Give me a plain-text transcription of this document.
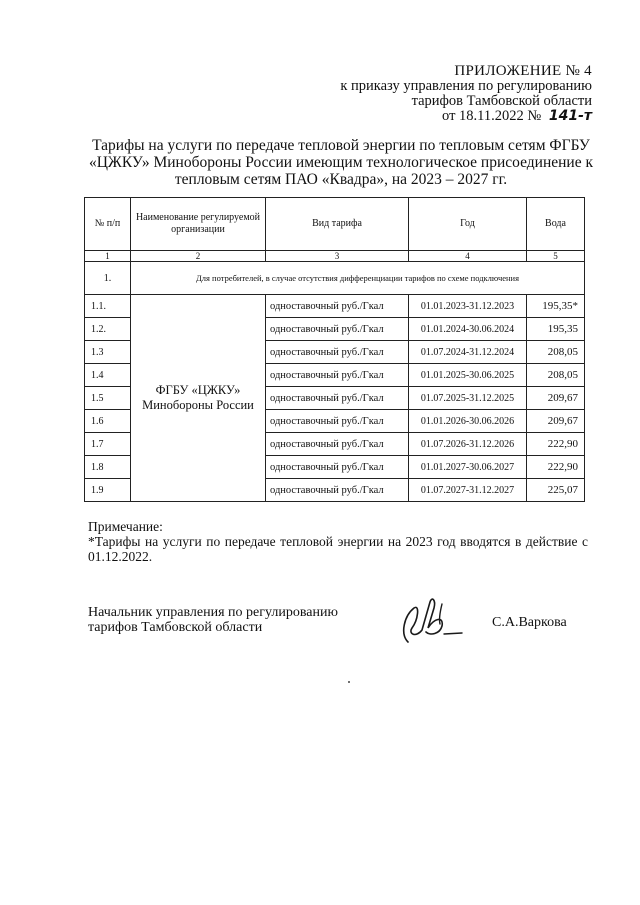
ПРИЛОЖЕНИЕ № 4
к приказу управления по регулированию
тарифов Тамбовской области
от 18.11.2022 № 141-т
Тарифы на услуги по передаче тепловой энергии по тепловым сетям ФГБУ «ЦЖКУ» Минобороны России имеющим технологическое присоединение к тепловым сетям ПАО «Квадра», на 2023 – 2027 гг.
№ п/п	Наименование регулируемой организации	Вид тарифа	Год	Вода
1	2	3	4	5
1.	Для потребителей, в случае отсутствия дифференциации тарифов по схеме подключения			
1.1.	ФГБУ «ЦЖКУ» Минобороны России	одноставочный руб./Гкал	01.01.2023-31.12.2023	195,35*
1.2.		одноставочный руб./Гкал	01.01.2024-30.06.2024	195,35
1.3		одноставочный руб./Гкал	01.07.2024-31.12.2024	208,05
1.4		одноставочный руб./Гкал	01.01.2025-30.06.2025	208,05
1.5		одноставочный руб./Гкал	01.07.2025-31.12.2025	209,67
1.6		одноставочный руб./Гкал	01.01.2026-30.06.2026	209,67
1.7		одноставочный руб./Гкал	01.07.2026-31.12.2026	222,90
1.8		одноставочный руб./Гкал	01.01.2027-30.06.2027	222,90
1.9		одноставочный руб./Гкал	01.07.2027-31.12.2027	225,07
Примечание:
*Тарифы на услуги по передаче тепловой энергии на 2023 год вводятся в действие с 01.12.2022.
Начальник управления по регулированию
тарифов Тамбовской области	С.А.Варкова
